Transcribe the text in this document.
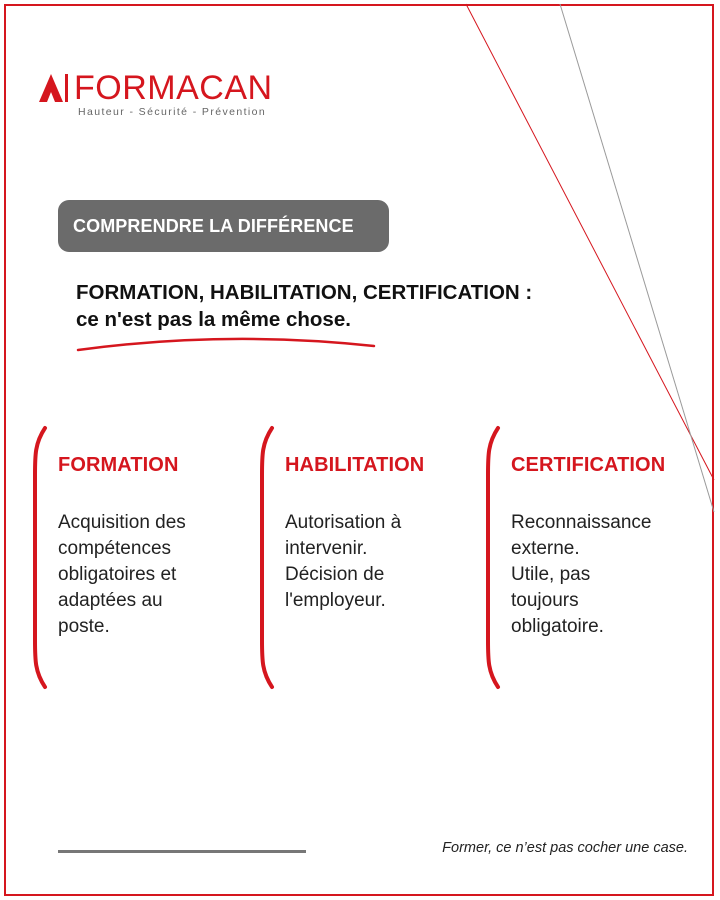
FORMACAN
Hauteur - Sécurité - Prévention
COMPRENDRE LA DIFFÉRENCE
FORMATION, HABILITATION, CERTIFICATION :
ce n'est pas la même chose.
FORMATION
Acquisition des
compétences
obligatoires et
adaptées au
poste.
HABILITATION
Autorisation à
intervenir.
Décision de
l'employeur.
CERTIFICATION
Reconnaissance
externe.
Utile, pas
toujours
obligatoire.
Former, ce n’est pas cocher une case.
